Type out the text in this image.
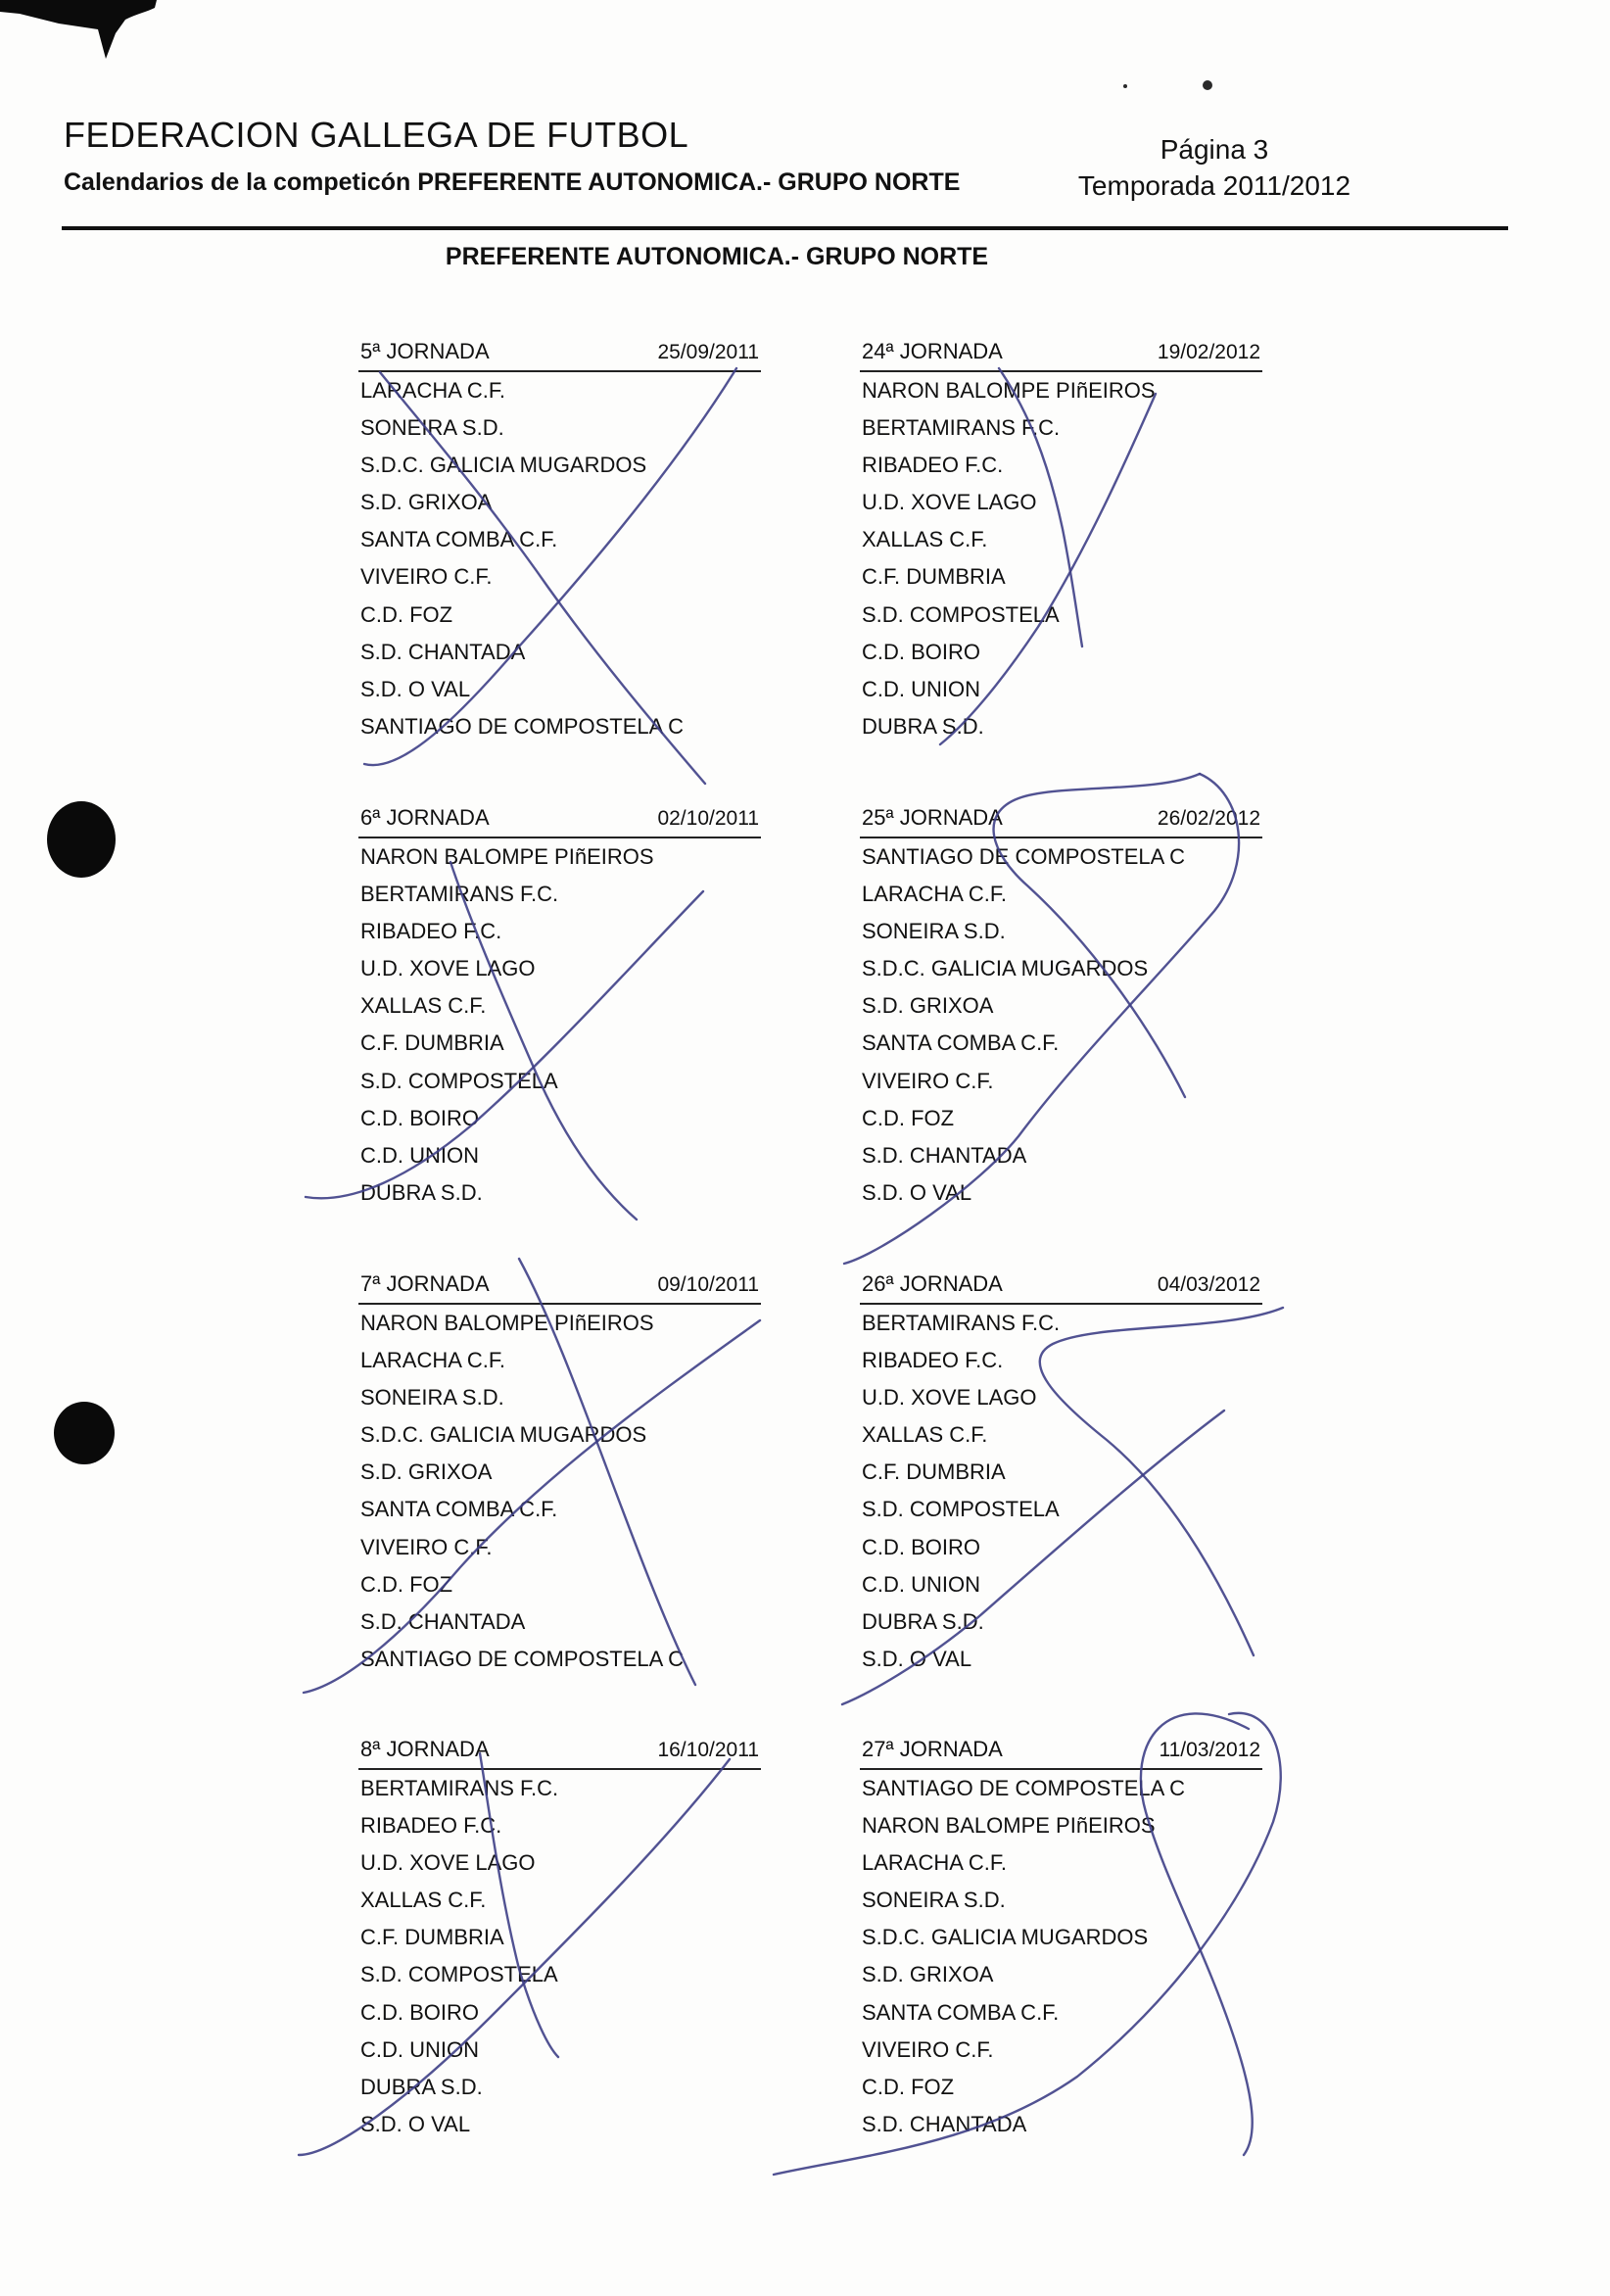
FEDERACION GALLEGA DE FUTBOL
Calendarios de la competicón PREFERENTE AUTONOMICA.- GRUPO NORTE
Página 3
Temporada 2011/2012
PREFERENTE AUTONOMICA.- GRUPO NORTE
5ª JORNADA	25/09/2011
LARACHA C.F.
SONEIRA S.D.
S.D.C. GALICIA MUGARDOS
S.D. GRIXOA
SANTA COMBA C.F.
VIVEIRO C.F.
C.D. FOZ
S.D. CHANTADA
S.D. O VAL
SANTIAGO DE COMPOSTELA C
24ª JORNADA	19/02/2012
NARON BALOMPE PIñEIROS
BERTAMIRANS F.C.
RIBADEO F.C.
U.D. XOVE LAGO
XALLAS C.F.
C.F. DUMBRIA
S.D. COMPOSTELA
C.D. BOIRO
C.D. UNION
DUBRA S.D.
6ª JORNADA	02/10/2011
NARON BALOMPE PIñEIROS
BERTAMIRANS F.C.
RIBADEO F.C.
U.D. XOVE LAGO
XALLAS C.F.
C.F. DUMBRIA
S.D. COMPOSTELA
C.D. BOIRO
C.D. UNION
DUBRA S.D.
25ª JORNADA	26/02/2012
SANTIAGO DE COMPOSTELA C
LARACHA C.F.
SONEIRA S.D.
S.D.C. GALICIA MUGARDOS
S.D. GRIXOA
SANTA COMBA C.F.
VIVEIRO C.F.
C.D. FOZ
S.D. CHANTADA
S.D. O VAL
7ª JORNADA	09/10/2011
NARON BALOMPE PIñEIROS
LARACHA C.F.
SONEIRA S.D.
S.D.C. GALICIA MUGARDOS
S.D. GRIXOA
SANTA COMBA C.F.
VIVEIRO C.F.
C.D. FOZ
S.D. CHANTADA
SANTIAGO DE COMPOSTELA C
26ª JORNADA	04/03/2012
BERTAMIRANS F.C.
RIBADEO F.C.
U.D. XOVE LAGO
XALLAS C.F.
C.F. DUMBRIA
S.D. COMPOSTELA
C.D. BOIRO
C.D. UNION
DUBRA S.D.
S.D. O VAL
8ª JORNADA	16/10/2011
BERTAMIRANS F.C.
RIBADEO F.C.
U.D. XOVE LAGO
XALLAS C.F.
C.F. DUMBRIA
S.D. COMPOSTELA
C.D. BOIRO
C.D. UNION
DUBRA S.D.
S.D. O VAL
27ª JORNADA	11/03/2012
SANTIAGO DE COMPOSTELA C
NARON BALOMPE PIñEIROS
LARACHA C.F.
SONEIRA S.D.
S.D.C. GALICIA MUGARDOS
S.D. GRIXOA
SANTA COMBA C.F.
VIVEIRO C.F.
C.D. FOZ
S.D. CHANTADA
